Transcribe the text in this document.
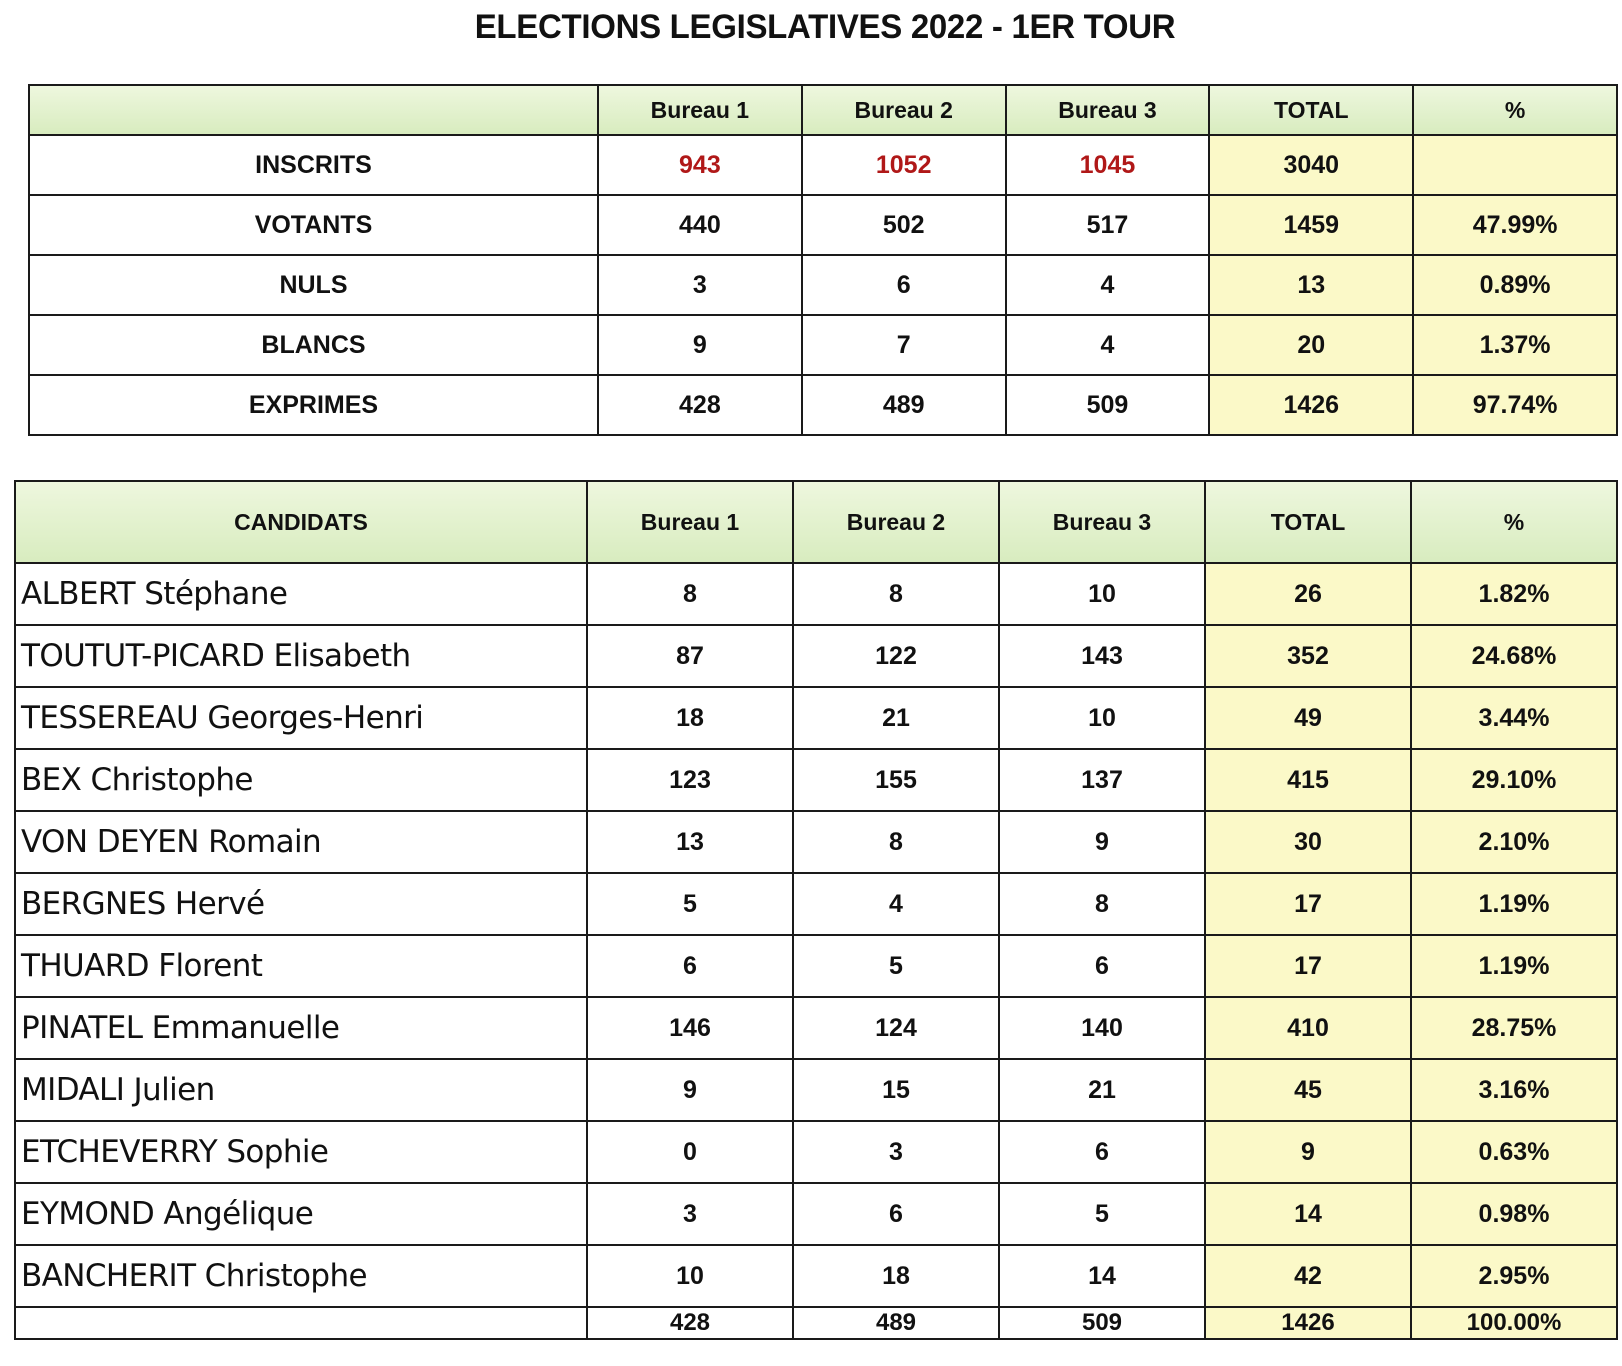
ELECTIONS LEGISLATIVES 2022 - 1ER TOUR
	Bureau 1	Bureau 2	Bureau 3	TOTAL	%
INSCRITS	943	1052	1045	3040	
VOTANTS	440	502	517	1459	47.99%
NULS	3	6	4	13	0.89%
BLANCS	9	7	4	20	1.37%
EXPRIMES	428	489	509	1426	97.74%
CANDIDATS	Bureau 1	Bureau 2	Bureau 3	TOTAL	%
ALBERT Stéphane	8	8	10	26	1.82%
TOUTUT-PICARD Elisabeth	87	122	143	352	24.68%
TESSEREAU Georges-Henri	18	21	10	49	3.44%
BEX Christophe	123	155	137	415	29.10%
VON DEYEN Romain	13	8	9	30	2.10%
BERGNES Hervé	5	4	8	17	1.19%
THUARD Florent	6	5	6	17	1.19%
PINATEL Emmanuelle	146	124	140	410	28.75%
MIDALI Julien	9	15	21	45	3.16%
ETCHEVERRY Sophie	0	3	6	9	0.63%
EYMOND Angélique	3	6	5	14	0.98%
BANCHERIT Christophe	10	18	14	42	2.95%
	428	489	509	1426	100.00%
